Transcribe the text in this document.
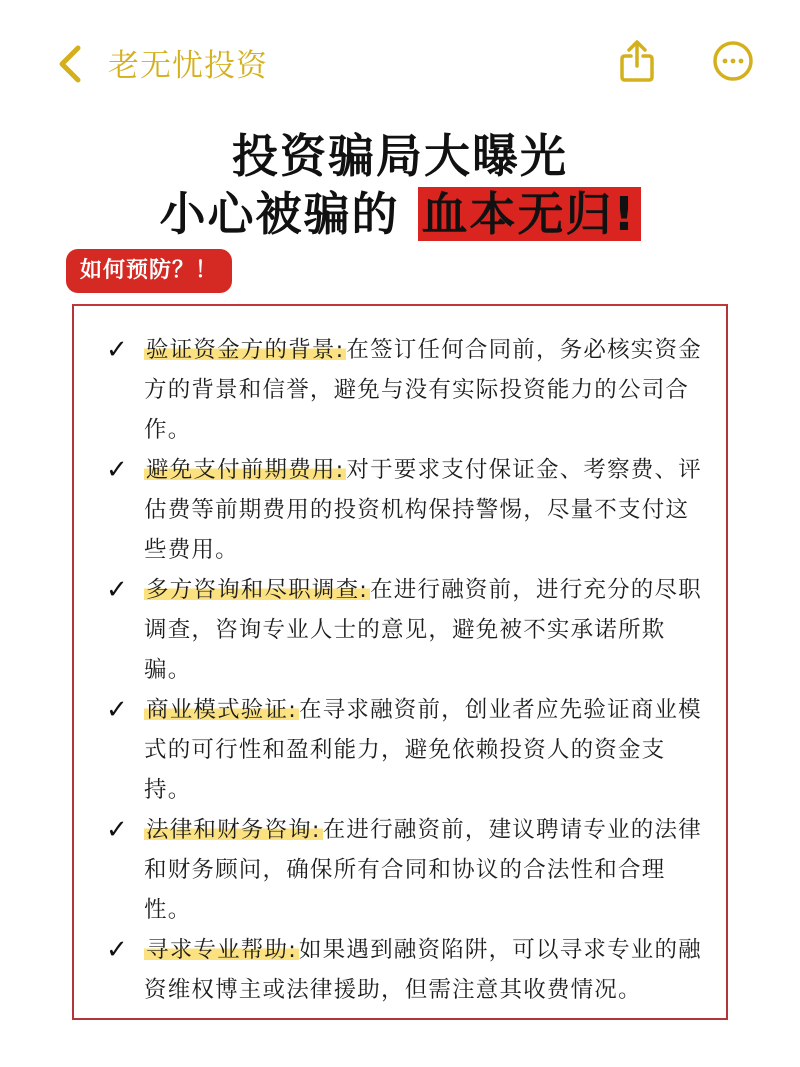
老无忧投资
投资骗局大曝光
小心被骗的 血本无归!
如何预防？！
✓ 验证资金方的背景:在签订任何合同前，务必核实资金方的背景和信誉，避免与没有实际投资能力的公司合作。
✓ 避免支付前期费用:对于要求支付保证金、考察费、评估费等前期费用的投资机构保持警惕，尽量不支付这些费用。
✓ 多方咨询和尽职调查:在进行融资前，进行充分的尽职调查，咨询专业人士的意见，避免被不实承诺所欺骗。
✓ 商业模式验证:在寻求融资前，创业者应先验证商业模式的可行性和盈利能力，避免依赖投资人的资金支持。
✓ 法律和财务咨询:在进行融资前，建议聘请专业的法律和财务顾问，确保所有合同和协议的合法性和合理性。
✓ 寻求专业帮助:如果遇到融资陷阱，可以寻求专业的融资维权博主或法律援助，但需注意其收费情况。
